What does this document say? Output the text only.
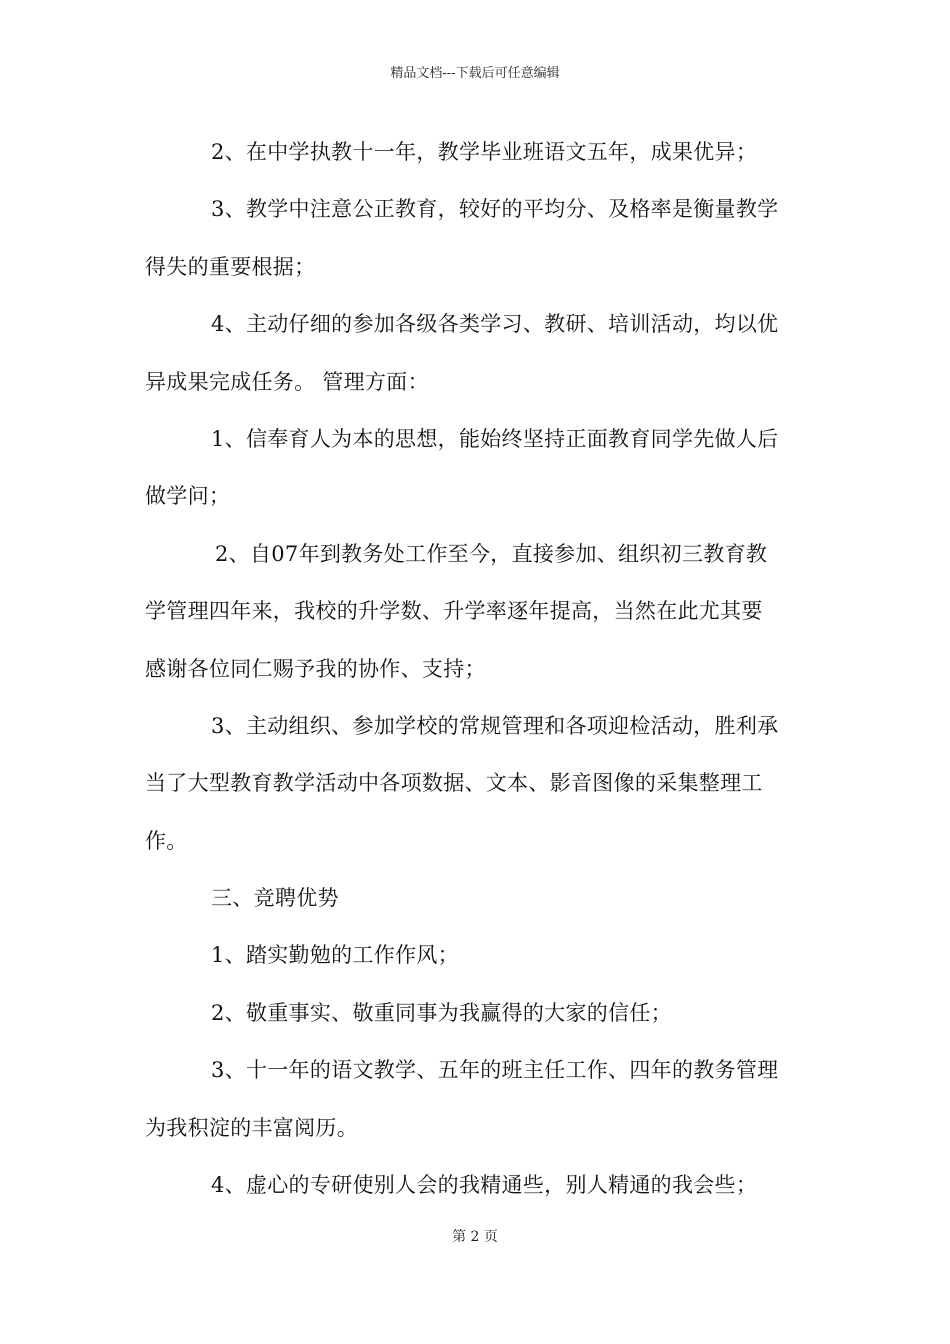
精品文档---下载后可任意编辑
2、在中学执教十一年，教学毕业班语文五年，成果优异；
3、教学中注意公正教育，较好的平均分、及格率是衡量教学
得失的重要根据；
4、主动仔细的参加各级各类学习、教研、培训活动，均以优
异成果完成任务。 管理方面：
1、信奉育人为本的思想，能始终坚持正面教育同学先做人后
做学问；
2、自07年到教务处工作至今，直接参加、组织初三教育教
学管理四年来，我校的升学数、升学率逐年提高，当然在此尤其要
感谢各位同仁赐予我的协作、支持；
3、主动组织、参加学校的常规管理和各项迎检活动，胜利承
当了大型教育教学活动中各项数据、文本、影音图像的采集整理工
作。
三、竞聘优势
1、踏实勤勉的工作作风；
2、敬重事实、敬重同事为我赢得的大家的信任；
3、十一年的语文教学、五年的班主任工作、四年的教务管理
为我积淀的丰富阅历。
4、虚心的专研使别人会的我精通些，别人精通的我会些；
第 2 页
